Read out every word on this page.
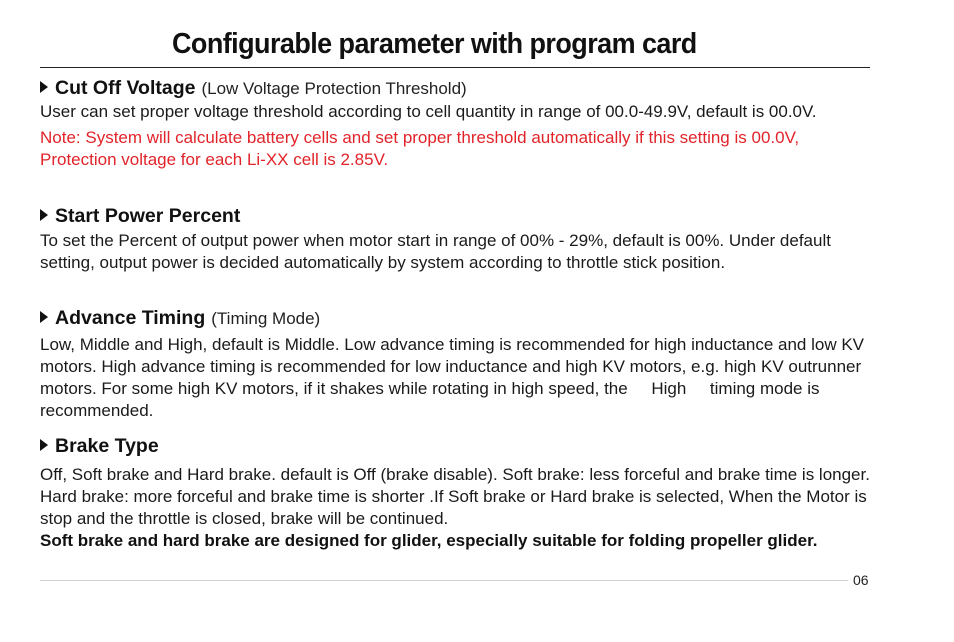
Configurable parameter with program card
Cut Off Voltage (Low Voltage Protection Threshold)

User can set proper voltage threshold according to cell quantity in range of 00.0-49.9V, default is 00.0V.

Note: System will calculate battery cells and set proper threshold automatically if this setting is 00.0V, Protection voltage for each Li-XX cell is 2.85V.

Start Power Percent

To set the Percent of output power when motor start in range of 00% - 29%, default is 00%. Under default setting, output power is decided automatically by system according to throttle stick position.

Advance Timing (Timing Mode)

Low, Middle and High, default is Middle. Low advance timing is recommended for high inductance and low KV motors. High advance timing is recommended for low inductance and high KV motors, e.g. high KV outrunner motors. For some high KV motors, if it shakes while rotating in high speed, the     High     timing mode is recommended.

Brake Type

Off, Soft brake and Hard brake. default is Off (brake disable). Soft brake: less forceful and brake time is longer. Hard brake: more forceful and brake time is shorter .If Soft brake or Hard brake is selected, When the Motor is stop and the throttle is closed, brake will be continued.

Soft brake and hard brake are designed for glider, especially suitable for folding propeller glider.

06
